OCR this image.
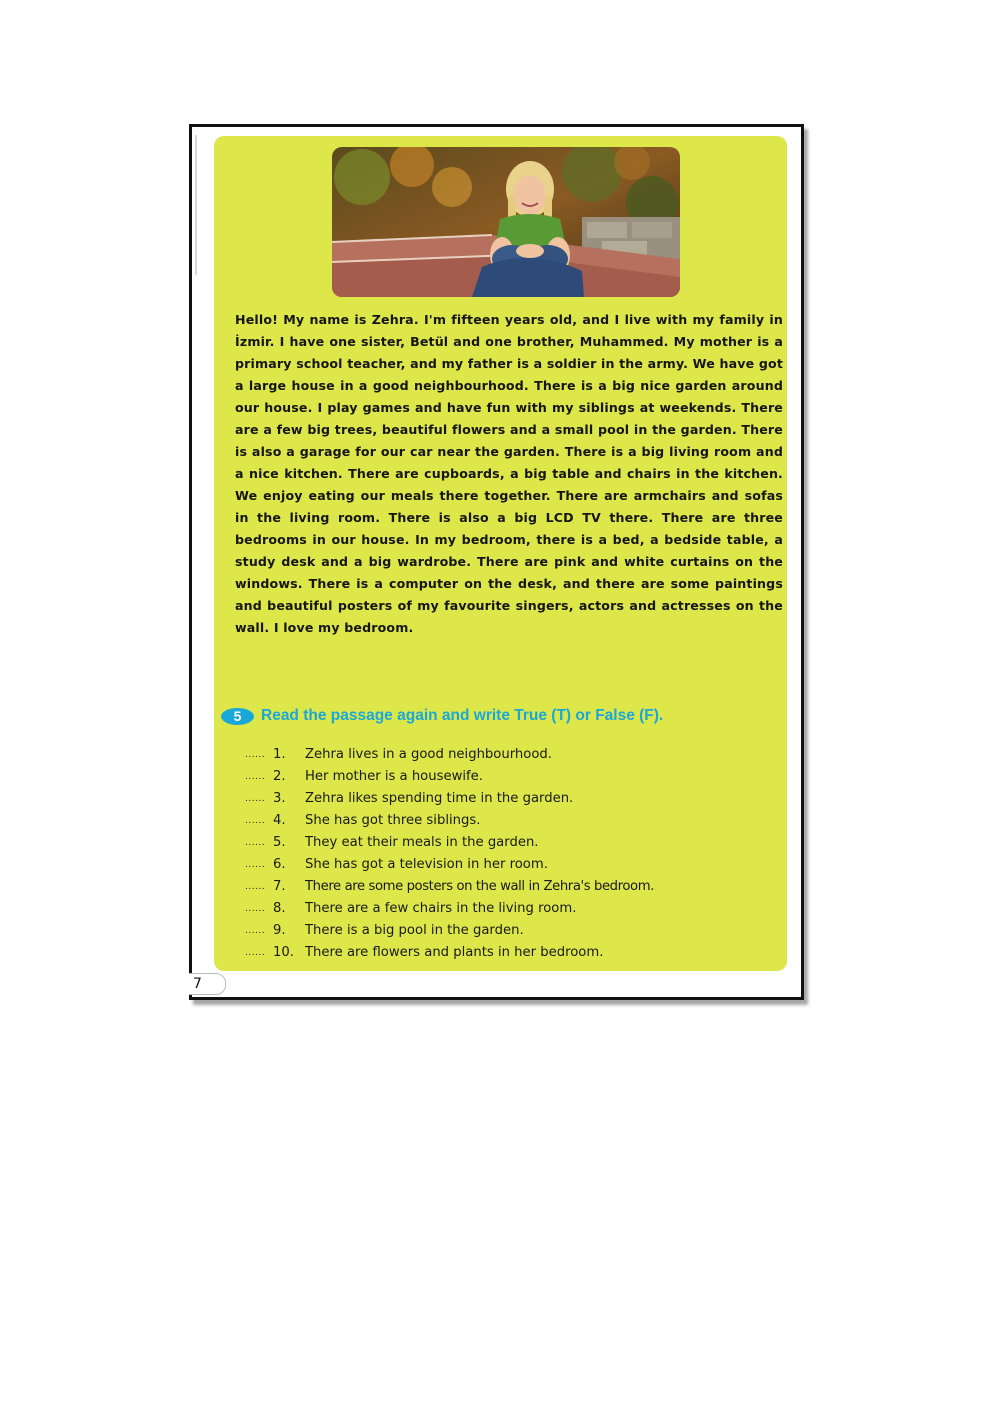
Hello! My name is Zehra. I'm fifteen years old, and I live with my family in İzmir. I have one sister, Betül and one brother, Muhammed. My mother is a primary school teacher, and my father is a soldier in the army. We have got a large house in a good neighbourhood. There is a big nice garden around our house. I play games and have fun with my siblings at weekends. There are a few big trees, beautiful flowers and a small pool in the garden. There is also a garage for our car near the garden. There is a big living room and a nice kitchen. There are cupboards, a big table and chairs in the kitchen. We enjoy eating our meals there together. There are armchairs and sofas in the living room. There is also a big LCD TV there. There are three bedrooms in our house. In my bedroom, there is a bed, a bedside table, a study desk and a big wardrobe. There are pink and white curtains on the windows. There is a computer on the desk, and there are some paintings and beautiful posters of my favourite singers, actors and actresses on the wall. I love my bedroom.

5	Read the passage again and write True (T) or False (F).

...... 1. Zehra lives in a good neighbourhood.
...... 2. Her mother is a housewife.
...... 3. Zehra likes spending time in the garden.
...... 4. She has got three siblings.
...... 5. They eat their meals in the garden.
...... 6. She has got a television in her room.
...... 7. There are some posters on the wall in Zehra's bedroom.
...... 8. There are a few chairs in the living room.
...... 9. There is a big pool in the garden.
...... 10. There are flowers and plants in her bedroom.
7
